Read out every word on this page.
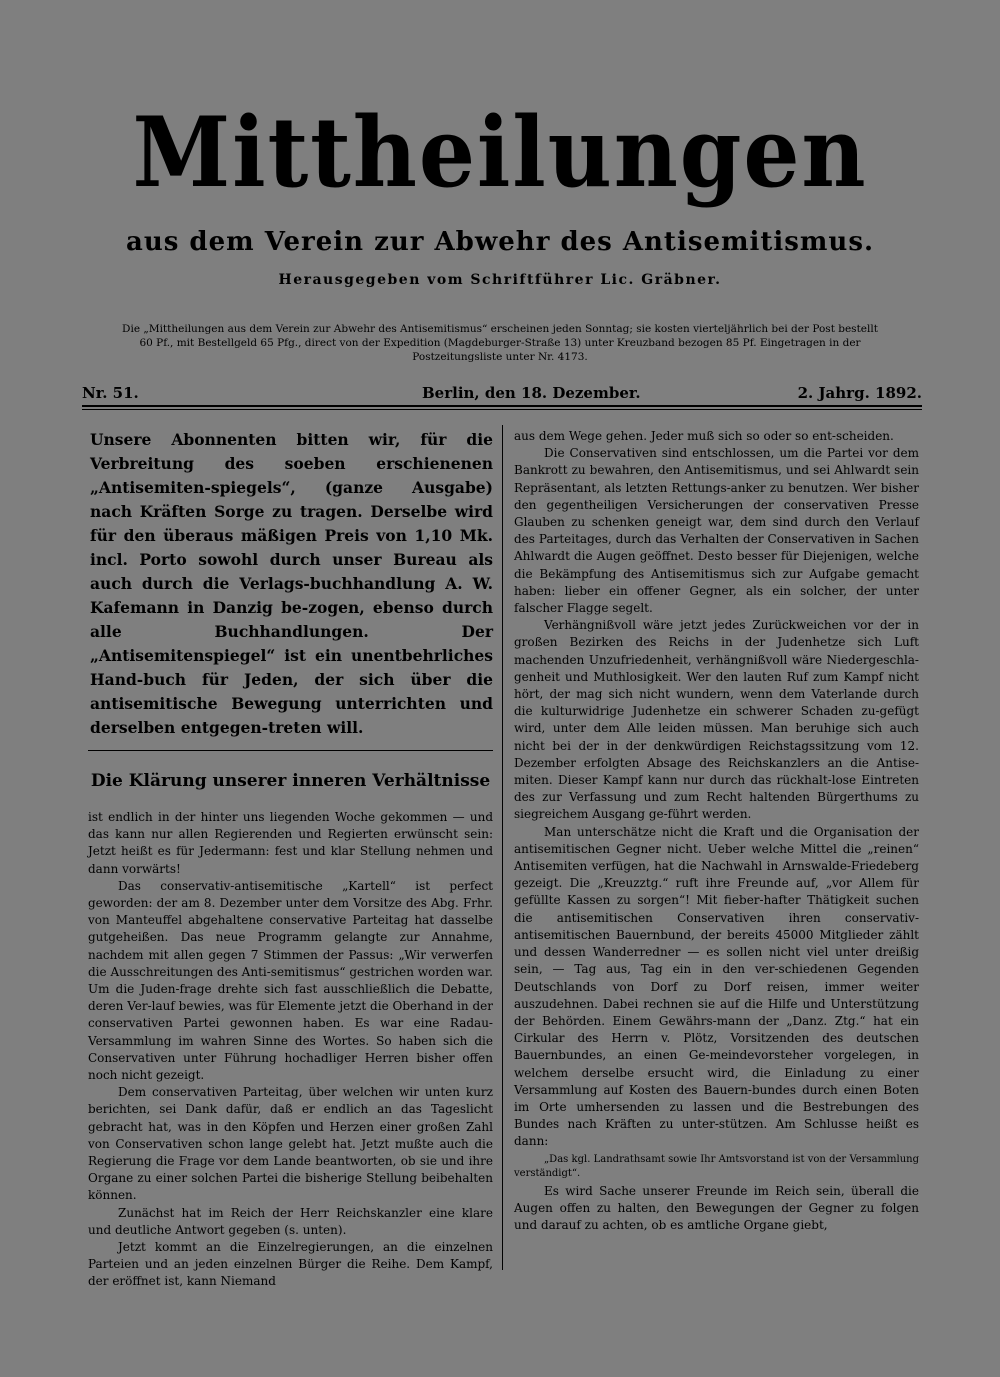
Mittheilungen
aus dem Verein zur Abwehr des Antisemitismus.
Herausgegeben vom Schriftführer Lic. Gräbner.
Die „Mittheilungen aus dem Verein zur Abwehr des Antisemitismus“ erscheinen jeden Sonntag; sie kosten vierteljährlich bei der Post bestellt 60 Pf., mit Bestellgeld 65 Pfg., direct von der Expedition (Magdeburger-Straße 13) unter Kreuzband bezogen 85 Pf. Eingetragen in der Postzeitungsliste unter Nr. 4173.
Nr. 51.	Berlin, den 18. Dezember.	2. Jahrg. 1892.

Unsere Abonnenten bitten wir, für die Verbreitung des soeben erschienenen „Antisemiten-spiegels“, (ganze Ausgabe) nach Kräften Sorge zu tragen. Derselbe wird für den überaus mäßigen Preis von 1,10 Mk. incl. Porto sowohl durch unser Bureau als auch durch die Verlags-buchhandlung A. W. Kafemann in Danzig be-zogen, ebenso durch alle Buchhandlungen. Der „Antisemitenspiegel“ ist ein unentbehrliches Hand-buch für Jeden, der sich über die antisemitische Bewegung unterrichten und derselben entgegen-treten will.

Die Klärung unserer inneren Verhältnisse

ist endlich in der hinter uns liegenden Woche gekommen — und das kann nur allen Regierenden und Regierten erwünscht sein: Jetzt heißt es für Jedermann: fest und klar Stellung nehmen und dann vorwärts!

Das conservativ-antisemitische „Kartell“ ist perfect geworden: der am 8. Dezember unter dem Vorsitze des Abg. Frhr. von Manteuffel abgehaltene conservative Parteitag hat dasselbe gutgeheißen. Das neue Programm gelangte zur Annahme, nachdem mit allen gegen 7 Stimmen der Passus: „Wir verwerfen die Ausschreitungen des Anti-semitismus“ gestrichen worden war. Um die Juden-frage drehte sich fast ausschließlich die Debatte, deren Ver-lauf bewies, was für Elemente jetzt die Oberhand in der conservativen Partei gewonnen haben. Es war eine Radau-Versammlung im wahren Sinne des Wortes. So haben sich die Conservativen unter Führung hochadliger Herren bisher offen noch nicht gezeigt.

Dem conservativen Parteitag, über welchen wir unten kurz berichten, sei Dank dafür, daß er endlich an das Tageslicht gebracht hat, was in den Köpfen und Herzen einer großen Zahl von Conservativen schon lange gelebt hat. Jetzt mußte auch die Regierung die Frage vor dem Lande beantworten, ob sie und ihre Organe zu einer solchen Partei die bisherige Stellung beibehalten können.

Zunächst hat im Reich der Herr Reichskanzler eine klare und deutliche Antwort gegeben (s. unten).

Jetzt kommt an die Einzelregierungen, an die einzelnen Parteien und an jeden einzelnen Bürger die Reihe. Dem Kampf, der eröffnet ist, kann Niemand

aus dem Wege gehen. Jeder muß sich so oder so ent-scheiden.

Die Conservativen sind entschlossen, um die Partei vor dem Bankrott zu bewahren, den Antisemitismus, und sei Ahlwardt sein Repräsentant, als letzten Rettungs-anker zu benutzen. Wer bisher den gegentheiligen Versicherungen der conservativen Presse Glauben zu schenken geneigt war, dem sind durch den Verlauf des Parteitages, durch das Verhalten der Conservativen in Sachen Ahlwardt die Augen geöffnet. Desto besser für Diejenigen, welche die Bekämpfung des Antisemitismus sich zur Aufgabe gemacht haben: lieber ein offener Gegner, als ein solcher, der unter falscher Flagge segelt.

Verhängnißvoll wäre jetzt jedes Zurückweichen vor der in großen Bezirken des Reichs in der Judenhetze sich Luft machenden Unzufriedenheit, verhängnißvoll wäre Niedergeschla-genheit und Muthlosigkeit. Wer den lauten Ruf zum Kampf nicht hört, der mag sich nicht wundern, wenn dem Vaterlande durch die kulturwidrige Judenhetze ein schwerer Schaden zu-gefügt wird, unter dem Alle leiden müssen. Man beruhige sich auch nicht bei der in der denkwürdigen Reichstagssitzung vom 12. Dezember erfolgten Absage des Reichskanzlers an die Antise-miten. Dieser Kampf kann nur durch das rückhalt-lose Eintreten des zur Verfassung und zum Recht haltenden Bürgerthums zu siegreichem Ausgang ge-führt werden.

Man unterschätze nicht die Kraft und die Organisation der antisemitischen Gegner nicht. Ueber welche Mittel die „reinen“ Antisemiten verfügen, hat die Nachwahl in Arnswalde-Friedeberg gezeigt. Die „Kreuzztg.“ ruft ihre Freunde auf, „vor Allem für gefüllte Kassen zu sorgen“! Mit fieber-hafter Thätigkeit suchen die antisemitischen Conservativen ihren conservativ-antisemitischen Bauernbund, der bereits 45000 Mitglieder zählt und dessen Wanderredner — es sollen nicht viel unter dreißig sein, — Tag aus, Tag ein in den ver-schiedenen Gegenden Deutschlands von Dorf zu Dorf reisen, immer weiter auszudehnen. Dabei rechnen sie auf die Hilfe und Unterstützung der Behörden. Einem Gewährs-mann der „Danz. Ztg.“ hat ein Cirkular des Herrn v. Plötz, Vorsitzenden des deutschen Bauernbundes, an einen Ge-meindevorsteher vorgelegen, in welchem derselbe ersucht wird, die Einladung zu einer Versammlung auf Kosten des Bauern-bundes durch einen Boten im Orte umhersenden zu lassen und die Bestrebungen des Bundes nach Kräften zu unter-stützen. Am Schlusse heißt es dann:

„Das kgl. Landrathsamt sowie Ihr Amtsvorstand ist von der Versammlung verständigt“.

Es wird Sache unserer Freunde im Reich sein, überall die Augen offen zu halten, den Bewegungen der Gegner zu folgen und darauf zu achten, ob es amtliche Organe giebt,
